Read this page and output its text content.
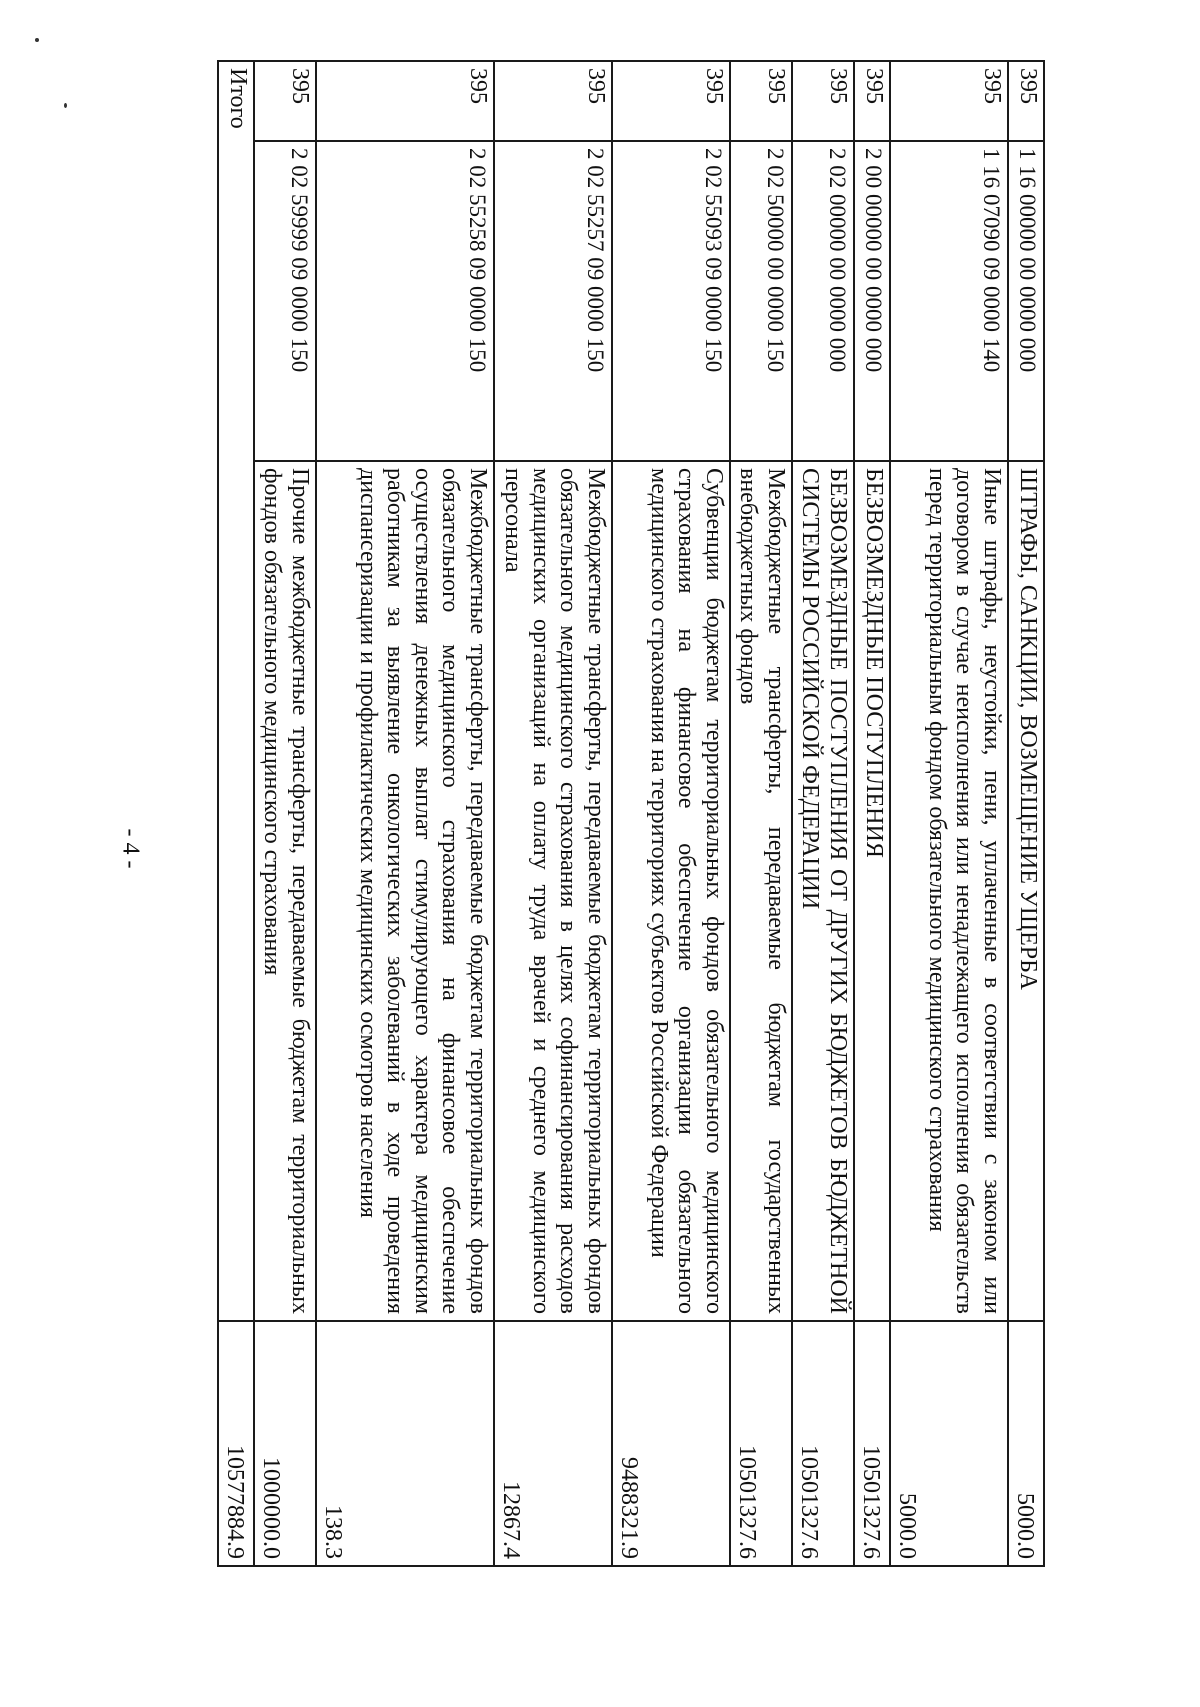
- 4 -
395	1 16 00000 00 0000 000	ШТРАФЫ, САНКЦИИ, ВОЗМЕЩЕНИЕ УЩЕРБА	5000.0
395	1 16 07090 09 0000 140	Иные штрафы, неустойки, пени, уплаченные в соответствии с законом или договором в случае неисполнения или ненадлежащего исполнения обязательств перед территориальным фондом обязательного медицинского страхования	5000.0
395	2 00 00000 00 0000 000	БЕЗВОЗМЕЗДНЫЕ ПОСТУПЛЕНИЯ	10501327.6
395	2 02 00000 00 0000 000	БЕЗВОЗМЕЗДНЫЕ ПОСТУПЛЕНИЯ ОТ ДРУГИХ БЮДЖЕТОВ БЮДЖЕТНОЙ СИСТЕМЫ РОССИЙСКОЙ ФЕДЕРАЦИИ	10501327.6
395	2 02 50000 00 0000 150	Межбюджетные трансферты, передаваемые бюджетам государственных внебюджетных фондов	10501327.6
395	2 02 55093 09 0000 150	Субвенции бюджетам территориальных фондов обязательного медицинского страхования на финансовое обеспечение организации обязательного медицинского страхования на территориях субъектов Российской Федерации	9488321.9
395	2 02 55257 09 0000 150	Межбюджетные трансферты, передаваемые бюджетам территориальных фондов обязательного медицинского страхования в целях софинансирования расходов медицинских организаций на оплату труда врачей и среднего медицинского персонала	12867.4
395	2 02 55258 09 0000 150	Межбюджетные трансферты, передаваемые бюджетам территориальных фондов обязательного медицинского страхования на финансовое обеспечение осуществления денежных выплат стимулирующего характера медицинским работникам за выявление онкологических заболеваний в ходе проведения диспансеризации и профилактических медицинских осмотров населения	138.3
395	2 02 59999 09 0000 150	Прочие межбюджетные трансферты, передаваемые бюджетам территориальных фондов обязательного медицинского страхования	1000000.0
Итого			10577884.9
